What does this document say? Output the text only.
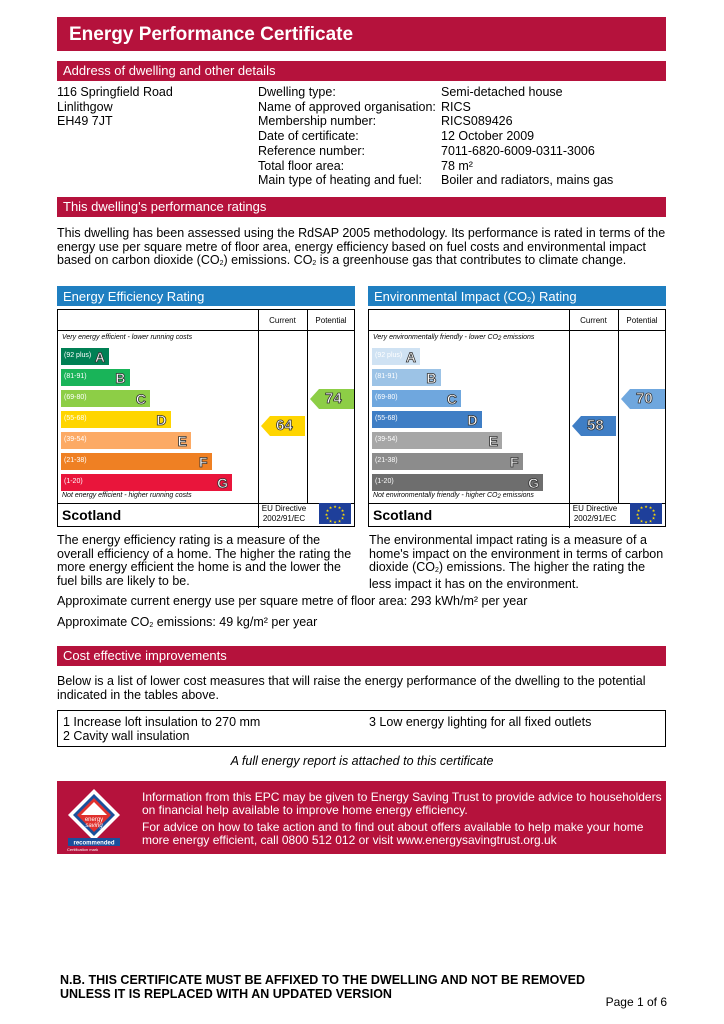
Energy Performance Certificate
Address of dwelling and other details
116 Springfield Road
Linlithgow
EH49 7JT
Dwelling type:	Semi-detached house
Name of approved organisation: RICS
Membership number:	RICS089426
Date of certificate:	12 October 2009
Reference number:	7011-6820-6009-0311-3006
Total floor area:	78 m²
Main type of heating and fuel:	Boiler and radiators, mains gas
This dwelling's performance ratings
This dwelling has been assessed using the RdSAP 2005 methodology. Its performance is rated in terms of the energy use per square metre of floor area, energy efficiency based on fuel costs and environmental impact based on carbon dioxide $(CO_2)$ emissions. $CO_2$ is a greenhouse gas that contributes to climate change.
Energy Efficiency Rating
Current	Potential
Very energy efficient - lower running costs
Not energy efficient - higher running costs
Scotland	EU Directive
2002/91/EC
★ ★
★
★
★
★
★
★
★
★
★
★
(92 plus) A
(81-91) B
(69-80)	C
(55-68)	D
(39-54)	E
(21-38)	F
(1-20)	G
64
74
Environmental Impact $(CO_2)$ Rating
Current	Potential
Very environmentally friendly - lower CO2 emissions
Not environmentally friendly - higher CO2 emissions
Scotland	EU Directive
2002/91/EC
★ ★
★
★
★
★
★
★
★
★
★
★
(92 plus) A
(81-91) B
(69-80)	C
(55-68)	D
(39-54)	E
(21-38)	F
(1-20)	G
58
70
The energy efficiency rating is a measure of the overall efficiency of a home. The higher the rating the more energy efficient the home is and the lower the fuel bills are likely to be.
The environmental impact rating is a measure of a home's impact on the environment in terms of carbon dioxide $(CO_2)$ emissions. The higher the rating the less impact it has on the environment.
Approximate current energy use per square metre of floor area: 293 kWh/m² per year
Approximate $CO_2$ emissions: 49 kg/m² per year
Cost effective improvements
Below is a list of lower cost measures that will raise the energy performance of the dwelling to the potential indicated in the tables above.
1 Increase loft insulation to 270 mm
2 Cavity wall insulation
3 Low energy lighting for all fixed outlets
A full energy report is attached to this certificate
energy
saving
recommended
Certification mark
Information from this EPC may be given to Energy Saving Trust to provide advice to householders on financial help available to improve home energy efficiency.
For advice on how to take action and to find out about offers available to help make your home more energy efficient, call 0800 512 012 or visit www.energysavingtrust.org.uk
N.B. THIS CERTIFICATE MUST BE AFFIXED TO THE DWELLING AND NOT BE REMOVED
UNLESS IT IS REPLACED WITH AN UPDATED VERSION
Page 1 of 6
